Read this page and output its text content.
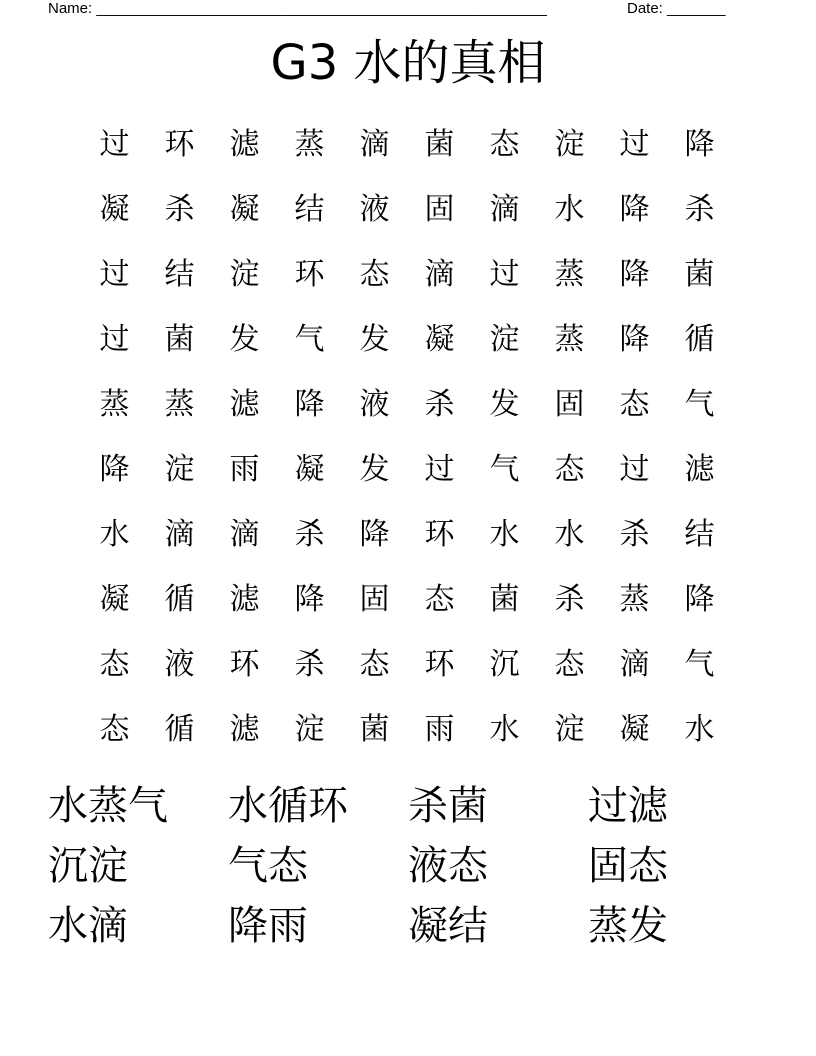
Name: ______________________________________________________	Date: _______
G3 水的真相
过	环	滤	蒸	滴	菌	态	淀	过	降
凝	杀	凝	结	液	固	滴	水	降	杀
过	结	淀	环	态	滴	过	蒸	降	菌
过	菌	发	气	发	凝	淀	蒸	降	循
蒸	蒸	滤	降	液	杀	发	固	态	气
降	淀	雨	凝	发	过	气	态	过	滤
水	滴	滴	杀	降	环	水	水	杀	结
凝	循	滤	降	固	态	菌	杀	蒸	降
态	液	环	杀	态	环	沉	态	滴	气
态	循	滤	淀	菌	雨	水	淀	凝	水
水蒸气	水循环	杀菌	过滤
沉淀	气态	液态	固态
水滴	降雨	凝结	蒸发
